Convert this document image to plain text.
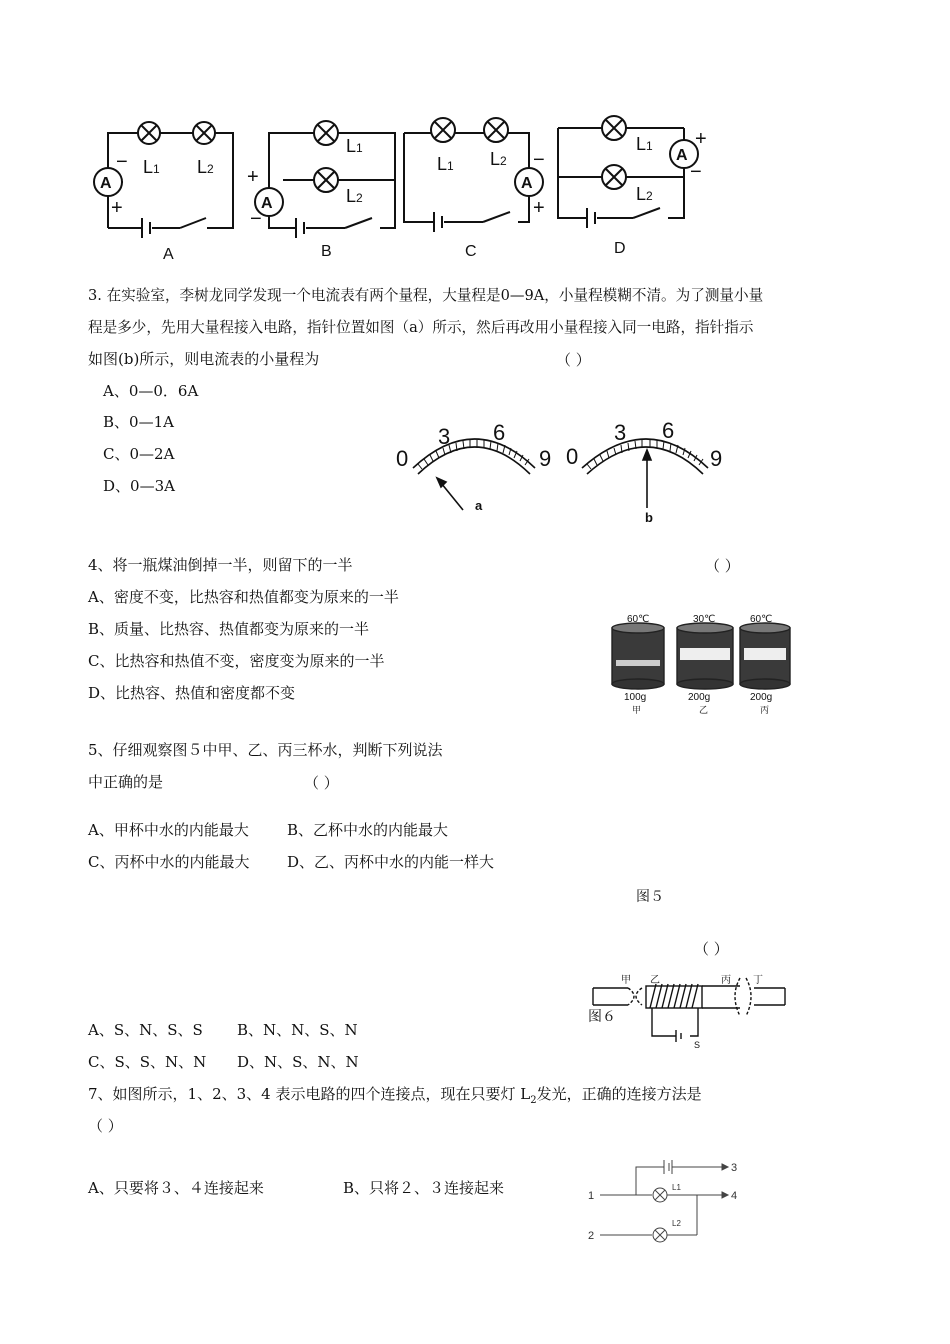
A
A
A
A
−
+
+
−
−
+
+
−
L1 L2
L1
L2
L1 L2
L1
L2
A	B	C	D
3. 在实验室，李树龙同学发现一个电流表有两个量程，大量程是0—9A，小量程模糊不清。为了测量小量
程是多少，先用大量程接入电路，指针位置如图（a）所示，然后再改用小量程接入同一电路，指针指示
如图(b)所示，则电流表的小量程为	（ ）
A、0—0．6A
B、0—1A
C、0—2A
D、0—3A
0
3 6
9 0
3 6
9
a
b
4、将一瓶煤油倒掉一半，则留下的一半	（ ）
A、密度不变，比热容和热值都变为原来的一半
B、质量、比热容、热值都变为原来的一半
C、比热容和热值不变，密度变为原来的一半
D、比热容、热值和密度都不变
60℃	30℃	60℃
100g	200g	200g
甲	乙	丙
5、仔细观察图５中甲、乙、丙三杯水，判断下列说法
中正确的是	（ ）
A、甲杯中水的内能最大	B、乙杯中水的内能最大
C、丙杯中水的内能最大	D、乙、丙杯中水的内能一样大
图５
（ ）
甲 乙	丙 丁
S
图６
A、S、N、S、S B、N、N、S、N
C、S、S、N、N D、N、S、N、N
7、如图所示，1、2、3、4 表示电路的四个连接点，现在只要灯 $L_2$发光，正确的连接方法是
（ ）
A、只要将３、４连接起来	B、只将２、３连接起来	1
2
3
4
L1
L2
